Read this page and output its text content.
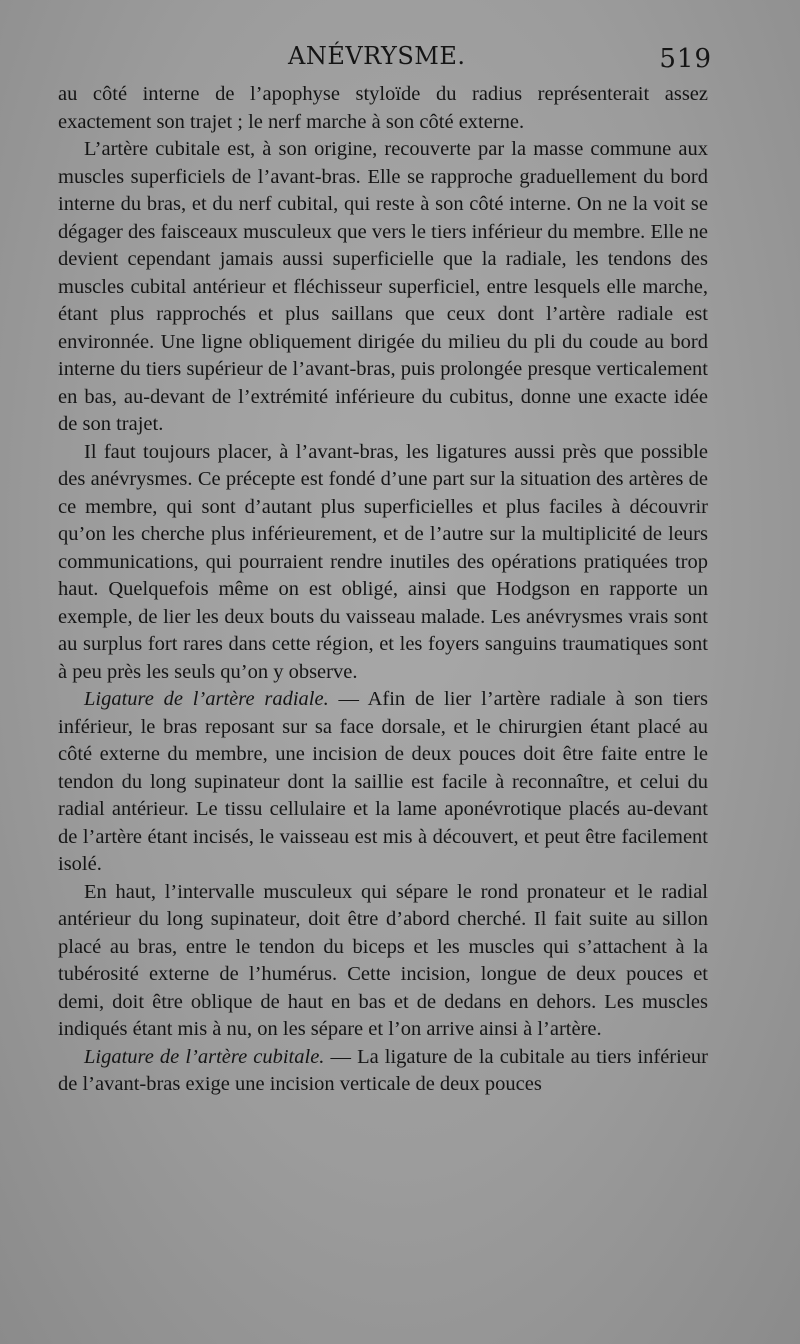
ANÉVRYSME.	519

au côté interne de l’apophyse styloïde du radius représenterait assez exactement son trajet ; le nerf marche à son côté externe.

L’artère cubitale est, à son origine, recouverte par la masse commune aux muscles superficiels de l’avant-bras. Elle se rapproche graduellement du bord interne du bras, et du nerf cubital, qui reste à son côté interne. On ne la voit se dégager des faisceaux musculeux que vers le tiers inférieur du membre. Elle ne devient cependant jamais aussi superficielle que la radiale, les tendons des muscles cubital antérieur et fléchisseur superficiel, entre lesquels elle marche, étant plus rapprochés et plus saillans que ceux dont l’artère radiale est environnée. Une ligne obliquement dirigée du milieu du pli du coude au bord interne du tiers supérieur de l’avant-bras, puis prolongée presque verticalement en bas, au-devant de l’extrémité inférieure du cubitus, donne une exacte idée de son trajet.

Il faut toujours placer, à l’avant-bras, les ligatures aussi près que possible des anévrysmes. Ce précepte est fondé d’une part sur la situation des artères de ce membre, qui sont d’autant plus superficielles et plus faciles à découvrir qu’on les cherche plus inférieurement, et de l’autre sur la multiplicité de leurs communications, qui pourraient rendre inutiles des opérations pratiquées trop haut. Quelquefois même on est obligé, ainsi que Hodgson en rapporte un exemple, de lier les deux bouts du vaisseau malade. Les anévrysmes vrais sont au surplus fort rares dans cette région, et les foyers sanguins traumatiques sont à peu près les seuls qu’on y observe.

Ligature de l’artère radiale. — Afin de lier l’artère radiale à son tiers inférieur, le bras reposant sur sa face dorsale, et le chirurgien étant placé au côté externe du membre, une incision de deux pouces doit être faite entre le tendon du long supinateur dont la saillie est facile à reconnaître, et celui du radial antérieur. Le tissu cellulaire et la lame aponévrotique placés au-devant de l’artère étant incisés, le vaisseau est mis à découvert, et peut être facilement isolé.

En haut, l’intervalle musculeux qui sépare le rond pronateur et le radial antérieur du long supinateur, doit être d’abord cherché. Il fait suite au sillon placé au bras, entre le tendon du biceps et les muscles qui s’attachent à la tubérosité externe de l’humérus. Cette incision, longue de deux pouces et demi, doit être oblique de haut en bas et de dedans en dehors. Les muscles indiqués étant mis à nu, on les sépare et l’on arrive ainsi à l’artère.

Ligature de l’artère cubitale. — La ligature de la cubitale au tiers inférieur de l’avant-bras exige une incision verticale de deux pouces
